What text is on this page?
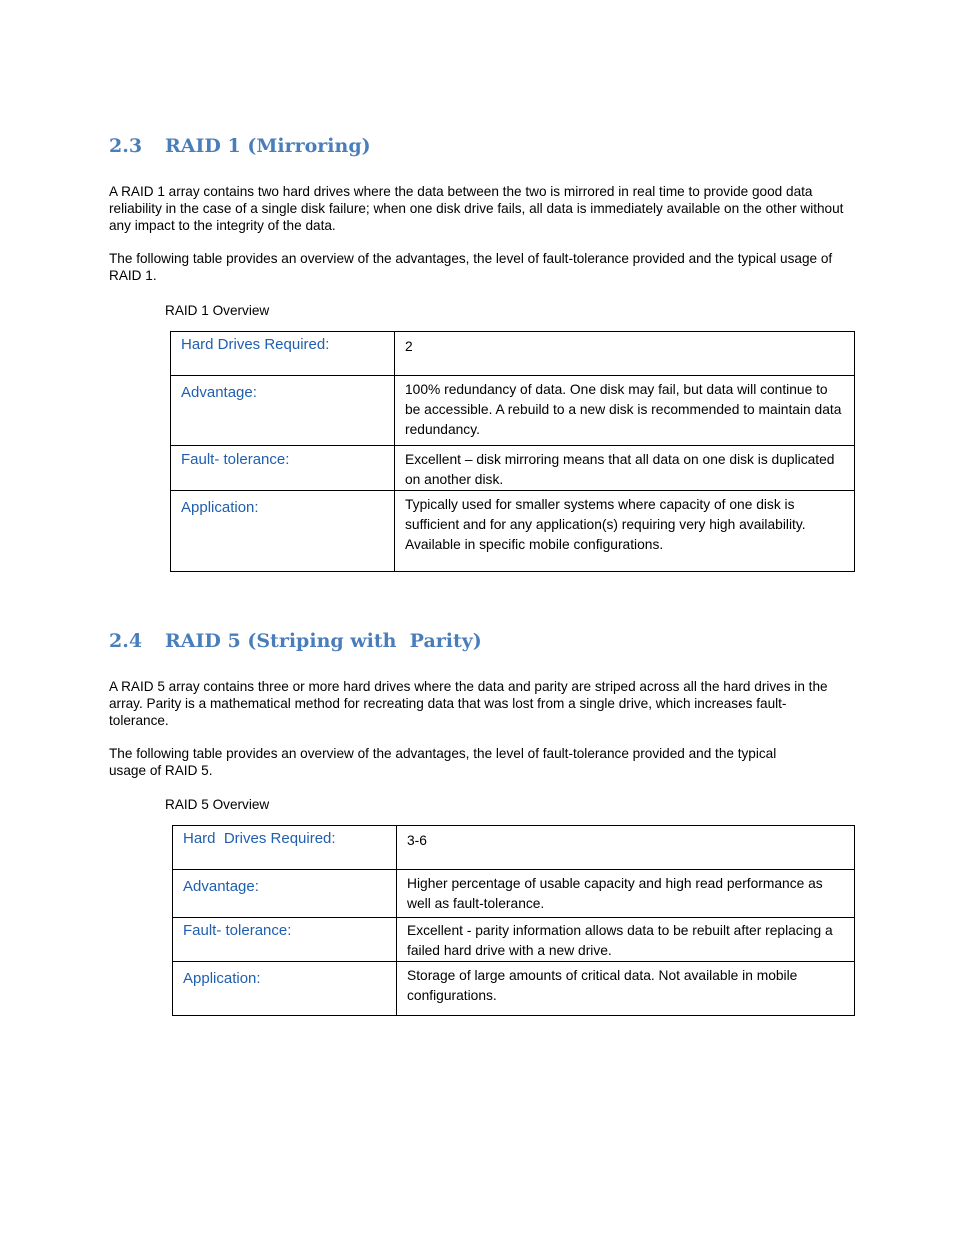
2.3 RAID 1 (Mirroring)

A RAID 1 array contains two hard drives where the data between the two is mirrored in real time to provide good data reliability in the case of a single disk failure; when one disk drive fails, all data is immediately available on the other without any impact to the integrity of the data.

The following table provides an overview of the advantages, the level of fault-tolerance provided and the typical usage of RAID 1.

RAID 1 Overview
Hard Drives Required:	2

Advantage:	100% redundancy of data. One disk may fail, but data will continue to be accessible. A rebuild to a new disk is recommended to maintain data redundancy.

Fault- tolerance:	Excellent – disk mirroring means that all data on one disk is duplicated on another disk.

Application:	Typically used for smaller systems where capacity of one disk is sufficient and for any application(s) requiring very high availability. Available in specific mobile configurations.
2.4 RAID 5 (Striping with  Parity)

A RAID 5 array contains three or more hard drives where the data and parity are striped across all the hard drives in the array. Parity is a mathematical method for recreating data that was lost from a single drive, which increases fault-tolerance.

The following table provides an overview of the advantages, the level of fault-tolerance provided and the typical usage of RAID 5.

RAID 5 Overview
Hard  Drives Required:	3-6

Advantage:	Higher percentage of usable capacity and high read performance as well as fault-tolerance.

Fault- tolerance:	Excellent - parity information allows data to be rebuilt after replacing a failed hard drive with a new drive.

Application:	Storage of large amounts of critical data. Not available in mobile configurations.
